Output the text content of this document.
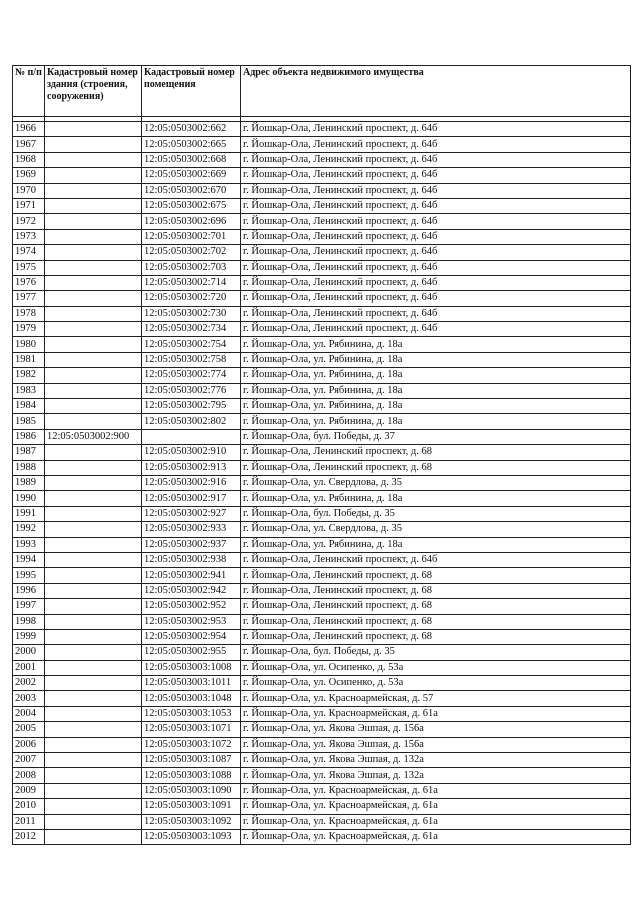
№ п/п	Кадастровый номер здания (строения, сооружения)	Кадастровый номер помещения	Адрес объекта недвижимого имущества

1966		12:05:0503002:662	г. Йошкар-Ола, Ленинский проспект, д. 64б
1967		12:05:0503002:665	г. Йошкар-Ола, Ленинский проспект, д. 64б
1968		12:05:0503002:668	г. Йошкар-Ола, Ленинский проспект, д. 64б
1969		12:05:0503002:669	г. Йошкар-Ола, Ленинский проспект, д. 64б
1970		12:05:0503002:670	г. Йошкар-Ола, Ленинский проспект, д. 64б
1971		12:05:0503002:675	г. Йошкар-Ола, Ленинский проспект, д. 64б
1972		12:05:0503002:696	г. Йошкар-Ола, Ленинский проспект, д. 64б
1973		12:05:0503002:701	г. Йошкар-Ола, Ленинский проспект, д. 64б
1974		12:05:0503002:702	г. Йошкар-Ола, Ленинский проспект, д. 64б
1975		12:05:0503002:703	г. Йошкар-Ола, Ленинский проспект, д. 64б
1976		12:05:0503002:714	г. Йошкар-Ола, Ленинский проспект, д. 64б
1977		12:05:0503002:720	г. Йошкар-Ола, Ленинский проспект, д. 64б
1978		12:05:0503002:730	г. Йошкар-Ола, Ленинский проспект, д. 64б
1979		12:05:0503002:734	г. Йошкар-Ола, Ленинский проспект, д. 64б
1980		12:05:0503002:754	г. Йошкар-Ола, ул. Рябинина, д. 18а
1981		12:05:0503002:758	г. Йошкар-Ола, ул. Рябинина, д. 18а
1982		12:05:0503002:774	г. Йошкар-Ола, ул. Рябинина, д. 18а
1983		12:05:0503002:776	г. Йошкар-Ола, ул. Рябинина, д. 18а
1984		12:05:0503002:795	г. Йошкар-Ола, ул. Рябинина, д. 18а
1985		12:05:0503002:802	г. Йошкар-Ола, ул. Рябинина, д. 18а
1986	12:05:0503002:900		г. Йошкар-Ола, бул. Победы, д. 37
1987		12:05:0503002:910	г. Йошкар-Ола, Ленинский проспект, д. 68
1988		12:05:0503002:913	г. Йошкар-Ола, Ленинский проспект, д. 68
1989		12:05:0503002:916	г. Йошкар-Ола, ул. Свердлова, д. 35
1990		12:05:0503002:917	г. Йошкар-Ола, ул. Рябинина, д. 18а
1991		12:05:0503002:927	г. Йошкар-Ола, бул. Победы, д. 35
1992		12:05:0503002:933	г. Йошкар-Ола, ул. Свердлова, д. 35
1993		12:05:0503002:937	г. Йошкар-Ола, ул. Рябинина, д. 18а
1994		12:05:0503002:938	г. Йошкар-Ола, Ленинский проспект, д. 64б
1995		12:05:0503002:941	г. Йошкар-Ола, Ленинский проспект, д. 68
1996		12:05:0503002:942	г. Йошкар-Ола, Ленинский проспект, д. 68
1997		12:05:0503002:952	г. Йошкар-Ола, Ленинский проспект, д. 68
1998		12:05:0503002:953	г. Йошкар-Ола, Ленинский проспект, д. 68
1999		12:05:0503002:954	г. Йошкар-Ола, Ленинский проспект, д. 68
2000		12:05:0503002:955	г. Йошкар-Ола, бул. Победы, д. 35
2001		12:05:0503003:1008	г. Йошкар-Ола, ул. Осипенко, д. 53а
2002		12:05:0503003:1011	г. Йошкар-Ола, ул. Осипенко, д. 53а
2003		12:05:0503003:1048	г. Йошкар-Ола, ул. Красноармейская, д. 57
2004		12:05:0503003:1053	г. Йошкар-Ола, ул. Красноармейская, д. 61а
2005		12:05:0503003:1071	г. Йошкар-Ола, ул. Якова Эшпая, д. 156а
2006		12:05:0503003:1072	г. Йошкар-Ола, ул. Якова Эшпая, д. 156а
2007		12:05:0503003:1087	г. Йошкар-Ола, ул. Якова Эшпая, д. 132а
2008		12:05:0503003:1088	г. Йошкар-Ола, ул. Якова Эшпая, д. 132а
2009		12:05:0503003:1090	г. Йошкар-Ола, ул. Красноармейская, д. 61а
2010		12:05:0503003:1091	г. Йошкар-Ола, ул. Красноармейская, д. 61а
2011		12:05:0503003:1092	г. Йошкар-Ола, ул. Красноармейская, д. 61а
2012		12:05:0503003:1093	г. Йошкар-Ола, ул. Красноармейская, д. 61а
